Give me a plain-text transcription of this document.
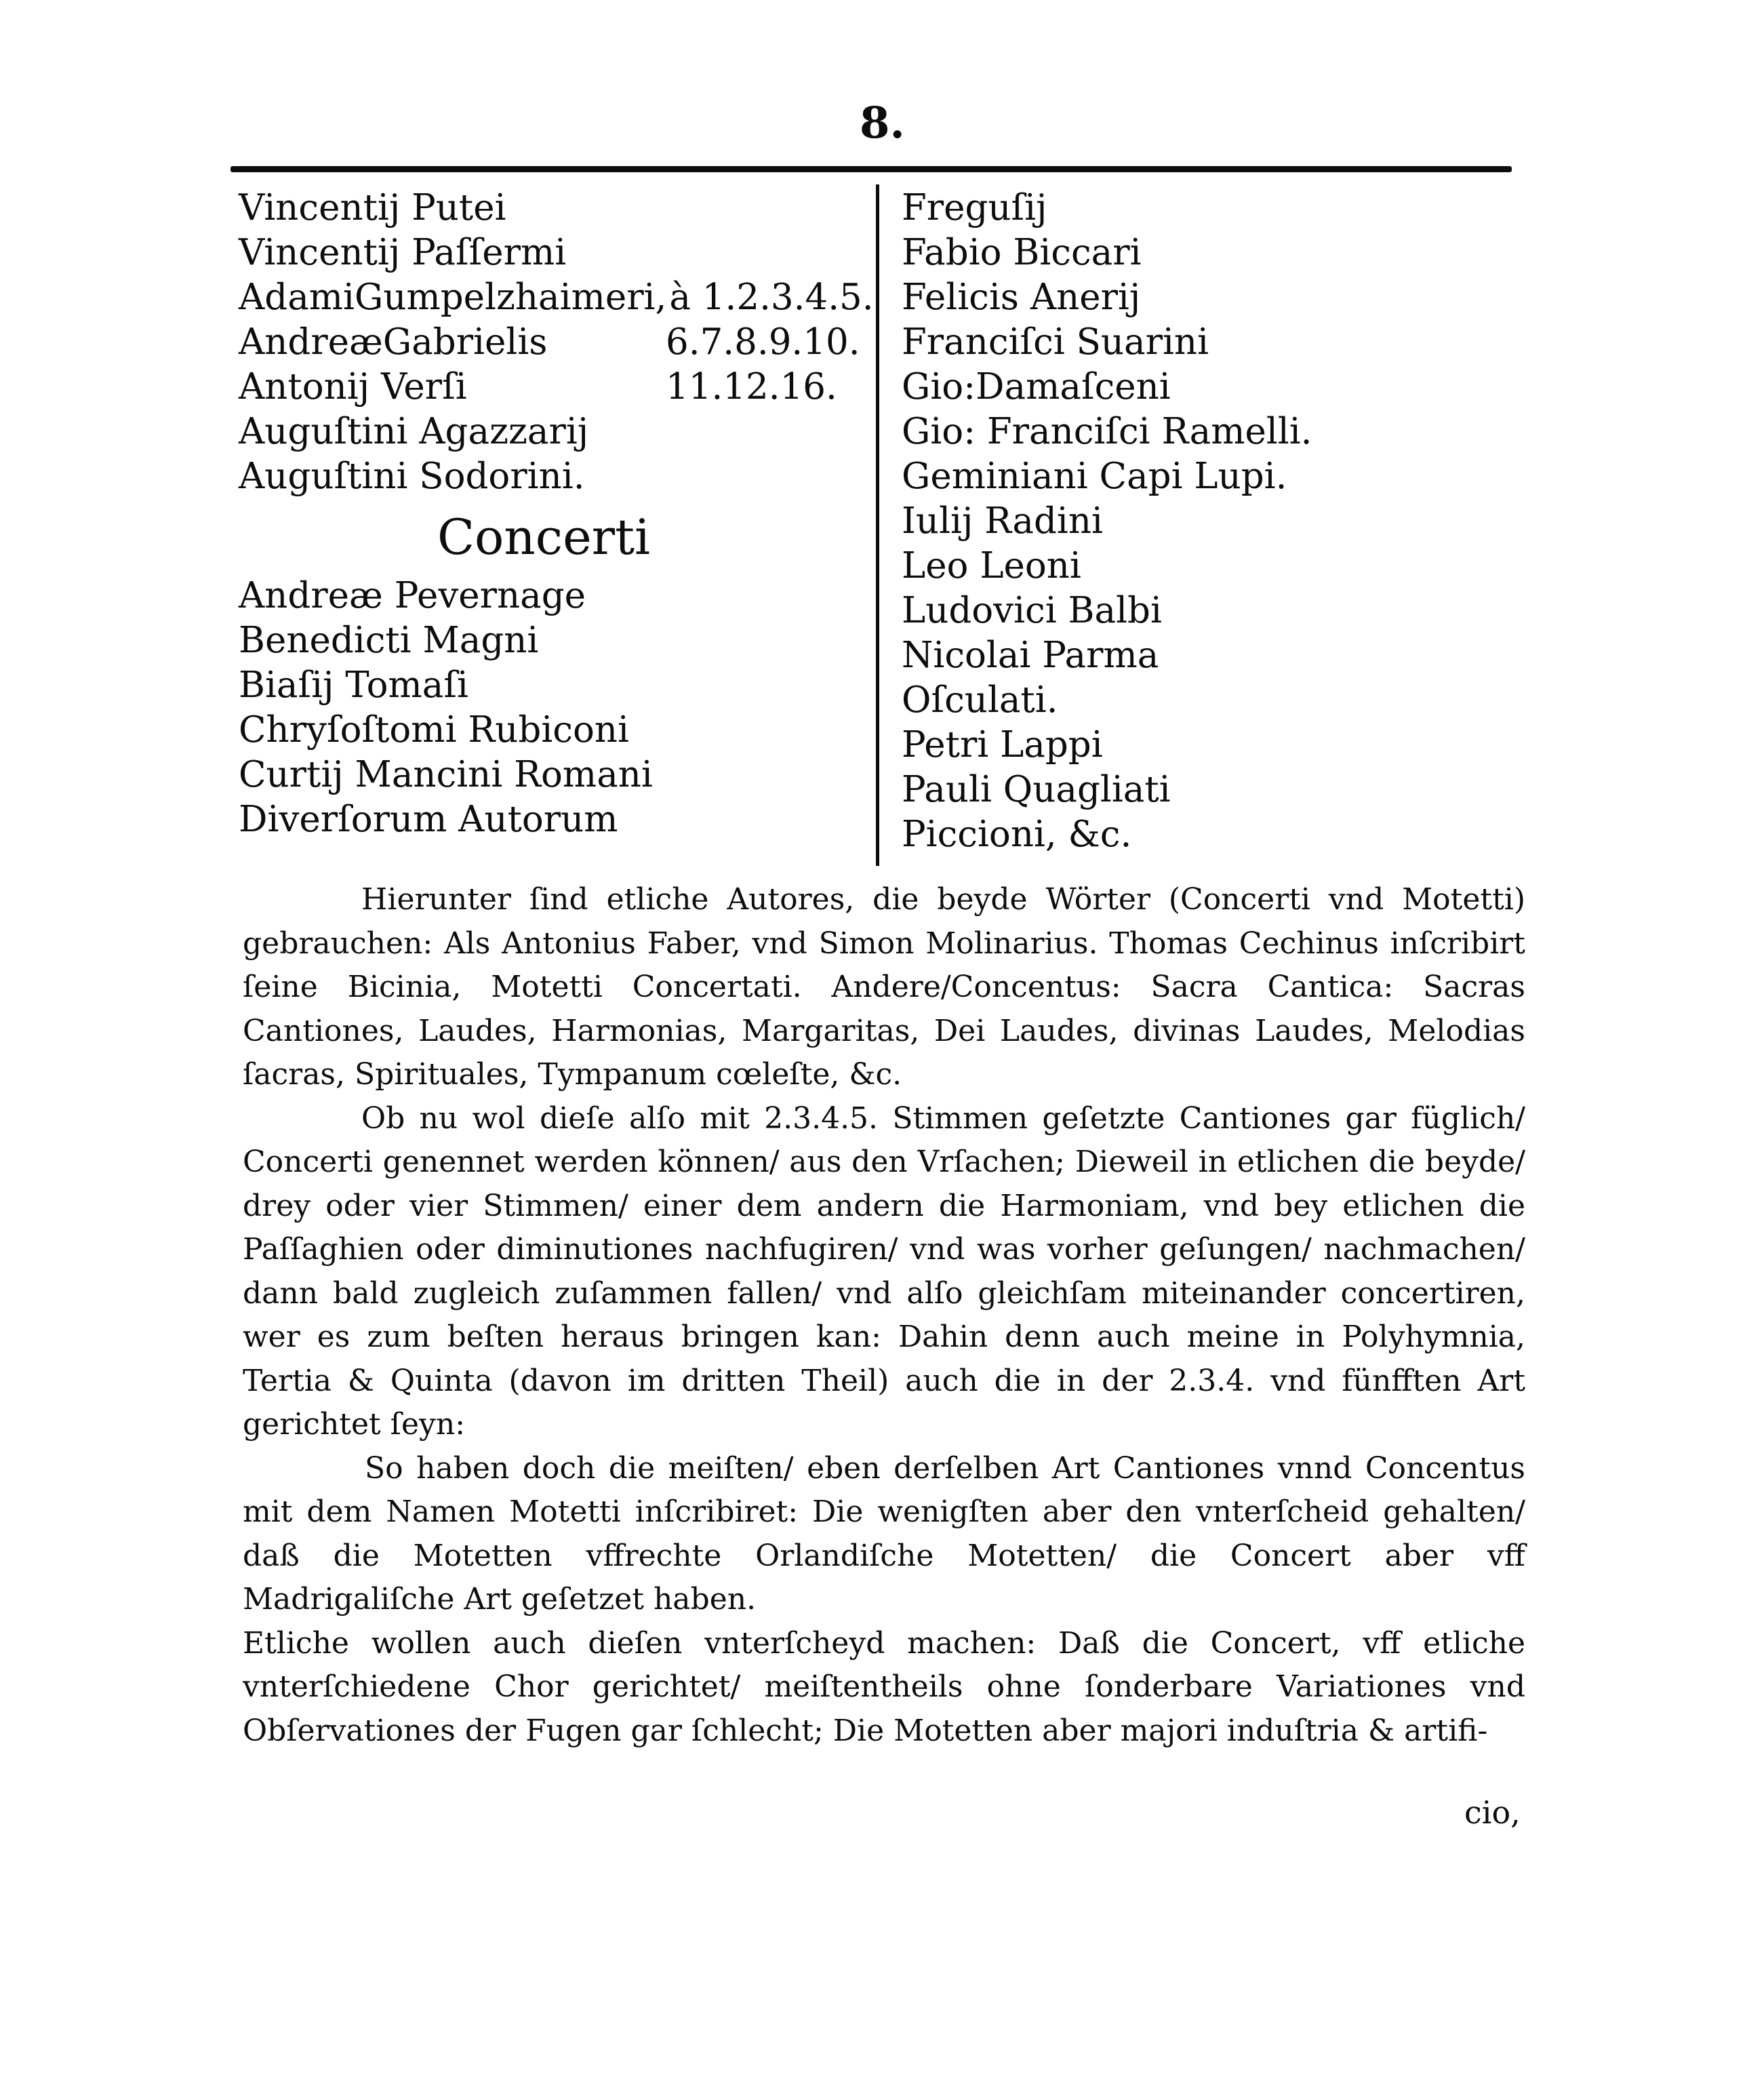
8.
Vincentij Putei
Vincentij Paſſermi
AdamiGumpelzhaimeri,à 1.2.3.4.5.
AndreæGabrielis	6.7.8.9.10.
Antonij Verſi	11.12.16.
Auguſtini Agazzarij
Auguſtini Sodorini.
Concerti
Andreæ Pevernage
Benedicti Magni
Biaſij Tomaſi
Chryſoſtomi Rubiconi
Curtij Mancini Romani
Diverſorum Autorum
Freguſij
Fabio Biccari
Felicis Anerij
Franciſci Suarini
Gio:Damaſceni
Gio: Franciſci Ramelli.
Geminiani Capi Lupi.
Iulij Radini
Leo Leoni
Ludovici Balbi
Nicolai Parma
Oſculati.
Petri Lappi
Pauli Quagliati
Piccioni, &c.

Hierunter ſind etliche Autores, die beyde Wörter (Concerti vnd Motetti) gebrauchen: Als Antonius Faber, vnd Simon Molinarius. Thomas Cechinus inſcribirt ſeine Bicinia, Motetti Concertati. Andere/Concentus: Sacra Cantica: Sacras Cantiones, Laudes, Harmonias, Margaritas, Dei Laudes, divinas Laudes, Melodias ſacras, Spirituales, Tympanum cœleſte, &c.

Ob nu wol dieſe alſo mit 2.3.4.5. Stimmen geſetzte Cantiones gar füglich/ Concerti genennet werden können/ aus den Vrſachen; Dieweil in etlichen die beyde/ drey oder vier Stimmen/ einer dem andern die Harmoniam, vnd bey etlichen die Paſſaghien oder diminutiones nachfugiren/ vnd was vorher geſungen/ nachmachen/ dann bald zugleich zuſammen fallen/ vnd alſo gleichſam miteinander concertiren, wer es zum beſten heraus bringen kan: Dahin denn auch meine in Polyhymnia, Tertia & Quinta (davon im dritten Theil) auch die in der 2.3.4. vnd fünfften Art gerichtet ſeyn:

So haben doch die meiſten/ eben derſelben Art Cantiones vnnd Concentus mit dem Namen Motetti inſcribiret: Die wenigſten aber den vnterſcheid gehalten/ daß die Motetten vffrechte Orlandiſche Motetten/ die Concert aber vff Madrigaliſche Art geſetzet haben.

Etliche wollen auch dieſen vnterſcheyd machen: Daß die Concert, vff etliche vnterſchiedene Chor gerichtet/ meiſtentheils ohne ſonderbare Variationes vnd Obſervationes der Fugen gar ſchlecht; Die Motetten aber majori induſtria & artifi-

cio,
